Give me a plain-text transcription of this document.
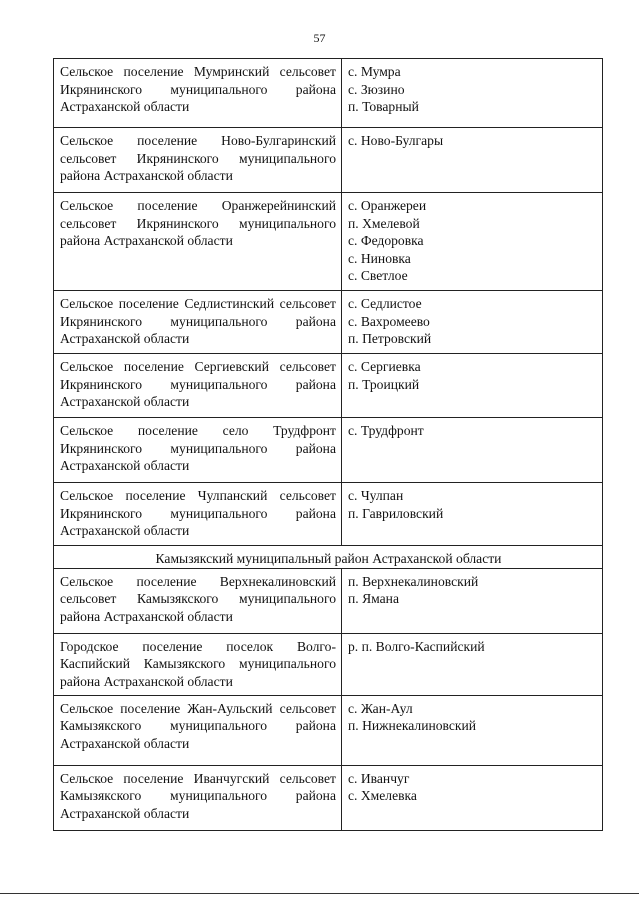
57
Сельское поселение Мумринский сельсовет Икрянинского муниципального района Астраханской области	с. Мумра
с. Зюзино
п. Товарный

Сельское поселение Ново-Булгаринский сельсовет Икрянинского муниципального района Астраханской области	с. Ново-Булгары

Сельское поселение Оранжерейнинский сельсовет Икрянинского муниципального района Астраханской области	с. Оранжереи
п. Хмелевой
с. Федоровка
с. Ниновка
с. Светлое

Сельское поселение Седлистинский сельсовет Икрянинского муниципального района Астраханской области	с. Седлистое
с. Вахромеево
п. Петровский

Сельское поселение Сергиевский сельсовет Икрянинского муниципального района Астраханской области	с. Сергиевка
п. Троицкий

Сельское поселение село Трудфронт Икрянинского муниципального района Астраханской области	с. Трудфронт

Сельское поселение Чулпанский сельсовет Икрянинского муниципального района Астраханской области	с. Чулпан
п. Гавриловский

Камызякский муниципальный район Астраханской области	
Сельское поселение Верхнекалиновский сельсовет Камызякского муниципального района Астраханской области	п. Верхнекалиновский
п. Ямана

Городское поселение поселок Волго-Каспийский Камызякского муниципального района Астраханской области	р. п. Волго-Каспийский

Сельское поселение Жан-Аульский сельсовет Камызякского муниципального района Астраханской области	с. Жан-Аул
п. Нижнекалиновский

Сельское поселение Иванчугский сельсовет Камызякского муниципального района Астраханской области	с. Иванчуг
с. Хмелевка
